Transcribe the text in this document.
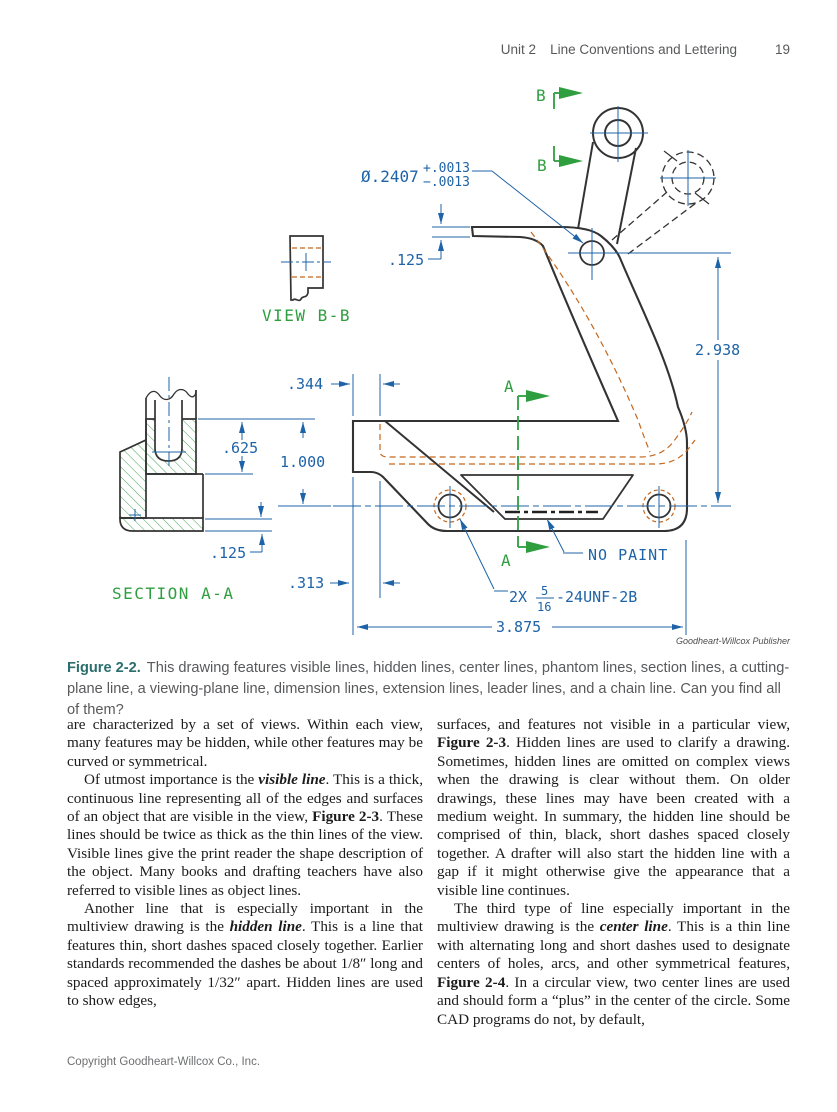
Unit 2 Line Conventions and Lettering	19
Ø.2407 +.0013
−.0013
.125
2.938
.344
.625
1.000
.125
.313
3.875
2X 5
16
-24UNF-2B
NO PAINT
B
B
A
A
VIEW B-B
SECTION A-A
Goodheart-Willcox Publisher
Figure 2-2. This drawing features visible lines, hidden lines, center lines, phantom lines, section lines, a cutting-plane line, a viewing-plane line, dimension lines, extension lines, leader lines, and a chain line. Can you find all of them?

are characterized by a set of views. Within each view, many features may be hidden, while other features may be curved or symmetrical.

Of utmost importance is the visible line. This is a thick, continuous line representing all of the edges and surfaces of an object that are visible in the view, Figure 2-3. These lines should be twice as thick as the thin lines of the view. Visible lines give the print reader the shape description of the object. Many books and drafting teachers have also referred to visible lines as object lines.

Another line that is especially important in the multiview drawing is the hidden line. This is a line that features thin, short dashes spaced closely together. Earlier standards recommended the dashes be about 1/8″ long and spaced approximately 1/32″ apart. Hidden lines are used to show edges,

surfaces, and features not visible in a particular view, Figure 2-3. Hidden lines are used to clarify a drawing. Sometimes, hidden lines are omitted on complex views when the drawing is clear without them. On older drawings, these lines may have been created with a medium weight. In summary, the hidden line should be comprised of thin, black, short dashes spaced closely together. A drafter will also start the hidden line with a gap if it might otherwise give the appearance that a visible line continues.

The third type of line especially important in the multiview drawing is the center line. This is a thin line with alternating long and short dashes used to designate centers of holes, arcs, and other symmetrical features, Figure 2-4. In a circular view, two center lines are used and should form a “plus” in the center of the circle. Some CAD programs do not, by default,

Copyright Goodheart-Willcox Co., Inc.
